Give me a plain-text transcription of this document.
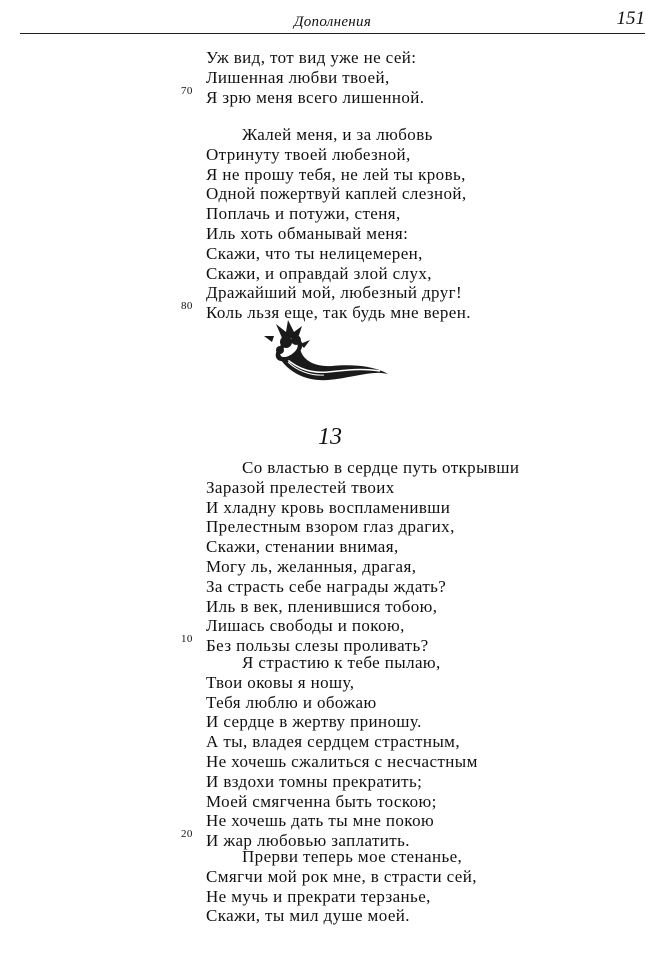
Дополнения	151
Уж вид, тот вид уже не сей:
Лишенная любви твоей,
70 Я зрю меня всего лишенной.
Жалей меня, и за любовь
Отринуту твоей любезной,
Я не прошу тебя, не лей ты кровь,
Одной пожертвуй каплей слезной,
Поплачь и потужи, стеня,
Иль хоть обманывай меня:
Скажи, что ты нелицемерен,
Скажи, и оправдай злой слух,
Дражайший мой, любезный друг!
80 Коль льзя еще, так будь мне верен.
13
Со властью в сердце путь открывши
Заразой прелестей твоих
И хладну кровь воспламенивши
Прелестным взором глаз драгих,
Скажи, стенании внимая,
Могу ль, желанныя, драгая,
За страсть себе награды ждать?
Иль в век, пленившися тобою,
Лишась свободы и покою,
10 Без пользы слезы проливать?
Я страстию к тебе пылаю,
Твои оковы я ношу,
Тебя люблю и обожаю
И сердце в жертву приношу.
А ты, владея сердцем страстным,
Не хочешь сжалиться с несчастным
И вздохи томны прекратить;
Моей смягченна быть тоскою;
Не хочешь дать ты мне покою
20 И жар любовью заплатить.
Прерви теперь мое стенанье,
Смягчи мой рок мне, в страсти сей,
Не мучь и прекрати терзанье,
Скажи, ты мил душе моей.
